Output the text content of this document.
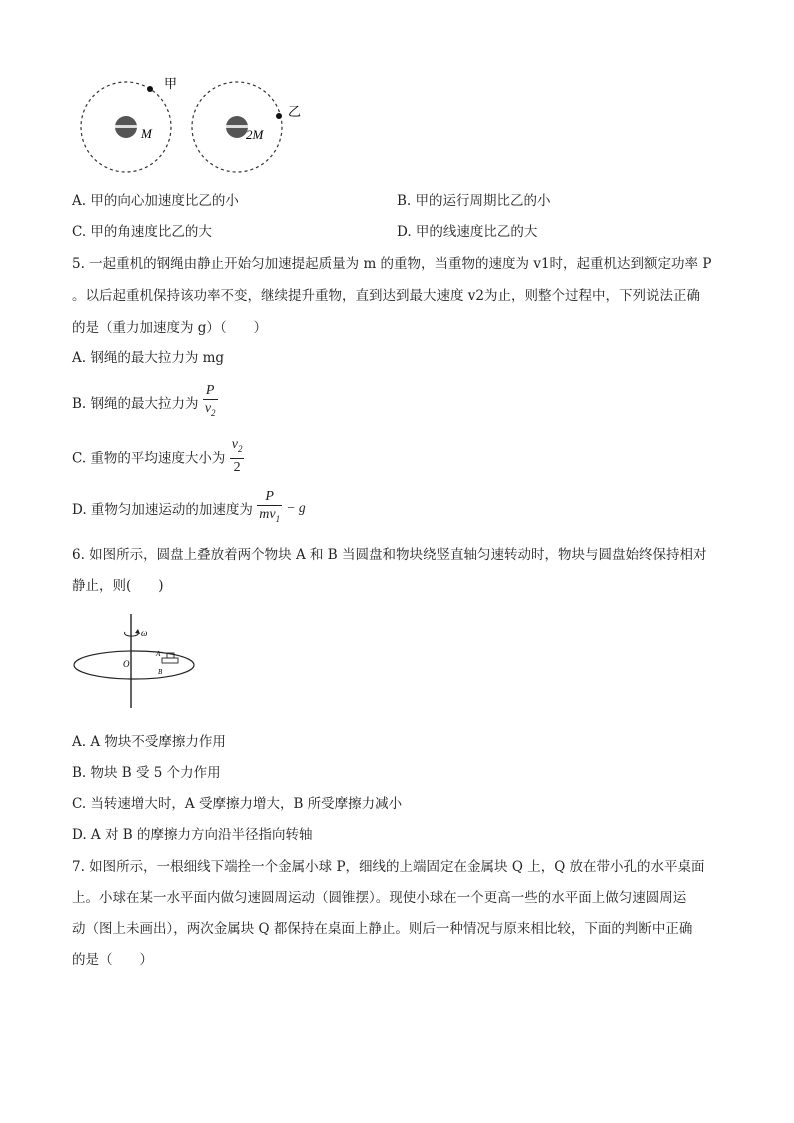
甲
M
乙
2M
A. 甲的向心加速度比乙的小	B. 甲的运行周期比乙的小
C. 甲的角速度比乙的大	D. 甲的线速度比乙的大
5. 一起重机的钢绳由静止开始匀加速提起质量为 m 的重物，当重物的速度为 v1时，起重机达到额定功率 P
。以后起重机保持该功率不变，继续提升重物，直到达到最大速度 v2为止，则整个过程中，下列说法正确
的是（重力加速度为 g）（　　）
A. 钢绳的最大拉力为 mg
B. 钢绳的最大拉力为 $\frac{P}{v_2}$
C. 重物的平均速度大小为 $\frac{v_2}{2}$
D. 重物匀加速运动的加速度为 $\frac{P}{mv_1} - g$
6. 如图所示，圆盘上叠放着两个物块 A 和 B 当圆盘和物块绕竖直轴匀速转动时，物块与圆盘始终保持相对
静止，则(　　)
ω
O
A
B
A. A 物块不受摩擦力作用
B. 物块 B 受 5 个力作用
C. 当转速增大时，A 受摩擦力增大，B 所受摩擦力减小
D. A 对 B 的摩擦力方向沿半径指向转轴
7. 如图所示，一根细线下端拴一个金属小球 P，细线的上端固定在金属块 Q 上，Q 放在带小孔的水平桌面
上。小球在某一水平面内做匀速圆周运动（圆锥摆）。现使小球在一个更高一些的水平面上做匀速圆周运
动（图上未画出），两次金属块 Q 都保持在桌面上静止。则后一种情况与原来相比较，下面的判断中正确
的是（　　）
